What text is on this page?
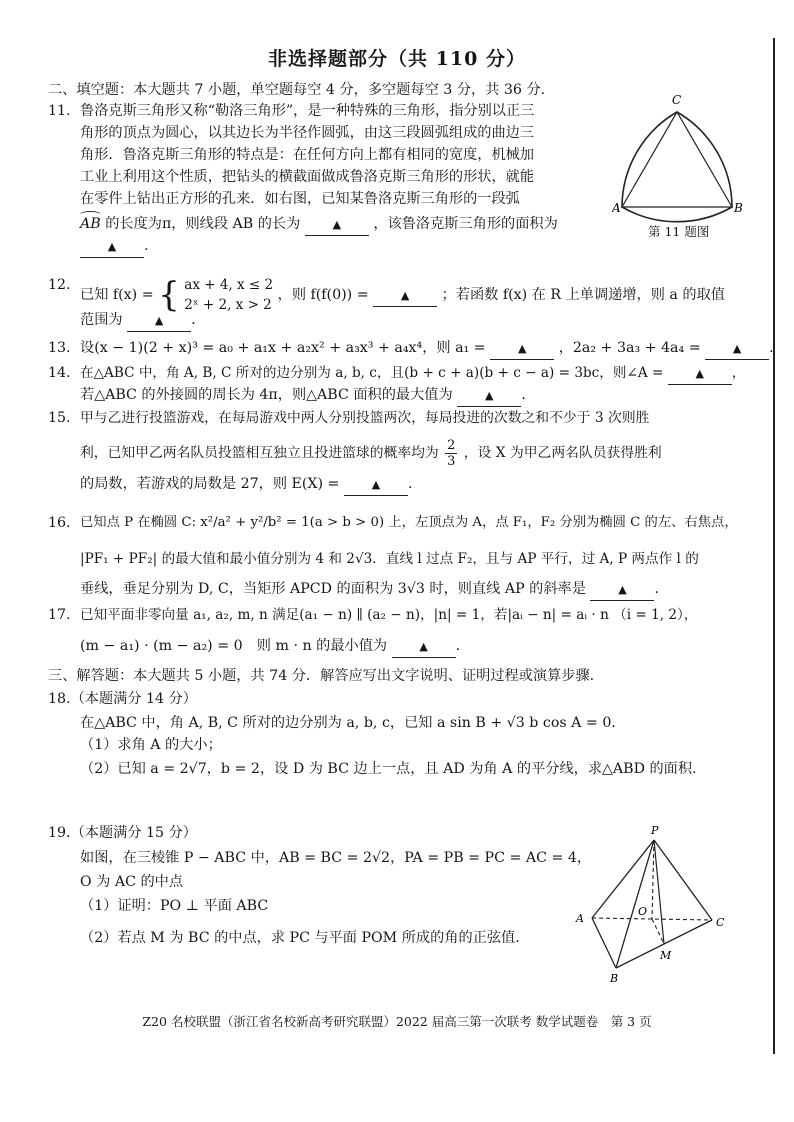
非选择题部分（共 110 分）
二、填空题：本大题共 7 小题，单空题每空 4 分，多空题每空 3 分，共 36 分.
11. 鲁洛克斯三角形又称“勒洛三角形”，是一种特殊的三角形，指分别以正三
角形的顶点为圆心，以其边长为半径作圆弧，由这三段圆弧组成的曲边三
角形．鲁洛克斯三角形的特点是：在任何方向上都有相同的宽度，机械加
工业上利用这个性质，把钻头的横截面做成鲁洛克斯三角形的形状，就能
在零件上钻出正方形的孔来．如右图，已知某鲁洛克斯三角形的一段弧
AB 的长度为π，则线段 AB 的长为	▲ ，该鲁洛克斯三角形的面积为
▲ .
C
A	B
第 11 题图
12.
已知 f(x) = { ax + 4, x ≤ 2
2ˣ + 2, x > 2
，则 f(f(0)) =	▲ ；若函数 f(x) 在 R 上单调递增，则 a 的取值
范围为	▲ .
13. 设(x − 1)(2 + x)³ = a₀ + a₁x + a₂x² + a₃x³ + a₄x⁴，则 a₁ =	▲ ，2a₂ + 3a₃ + 4a₄ =	▲ .
14. 在△ABC 中，角 A, B, C 所对的边分别为 a, b, c，且(b + c + a)(b + c − a) = 3bc，则∠A =	▲ ，
若△ABC 的外接圆的周长为 4π，则△ABC 面积的最大值为	▲ .
15. 甲与乙进行投篮游戏，在每局游戏中两人分别投篮两次，每局投进的次数之和不少于 3 次则胜
利，已知甲乙两名队员投篮相互独立且投进篮球的概率均为 $\frac{2}{3}$ ，设 X 为甲乙两名队员获得胜利
的局数，若游戏的局数是 27，则 E(X) =	▲ .
16. 已知点 P 在椭圆 C: x²/a² + y²/b² = 1(a > b > 0) 上，左顶点为 A，点 F₁，F₂ 分别为椭圆 C 的左、右焦点，
|PF₁ + PF₂| 的最大值和最小值分别为 4 和 2√3．直线 l 过点 F₂，且与 AP 平行，过 A, P 两点作 l 的
垂线，垂足分别为 D, C，当矩形 APCD 的面积为 3√3 时，则直线 AP 的斜率是	▲ .
17. 已知平面非零向量 a₁, a₂, m, n 满足(a₁ − n) ∥ (a₂ − n)，|n| = 1，若|aᵢ − n| = aᵢ · n （i = 1, 2），
(m − a₁) · (m − a₂) = 0　则 m · n 的最小值为	▲ .
三、解答题：本大题共 5 小题，共 74 分．解答应写出文字说明、证明过程或演算步骤.
18.（本题满分 14 分）
在△ABC 中，角 A, B, C 所对的边分别为 a, b, c，已知 a sin B + √3 b cos A = 0．
（1）求角 A 的大小；
（2）已知 a = 2√7，b = 2，设 D 为 BC 边上一点，且 AD 为角 A 的平分线，求△ABD 的面积.
19.（本题满分 15 分）
如图，在三棱锥 P − ABC 中，AB = BC = 2√2，PA = PB = PC = AC = 4，
O 为 AC 的中点
（1）证明：PO ⊥ 平面 ABC
（2）若点 M 为 BC 的中点，求 PC 与平面 POM 所成的角的正弦值.
P
A
B
C
O
M
Z20 名校联盟（浙江省名校新高考研究联盟）2022 届高三第一次联考 数学试题卷　第 3 页
